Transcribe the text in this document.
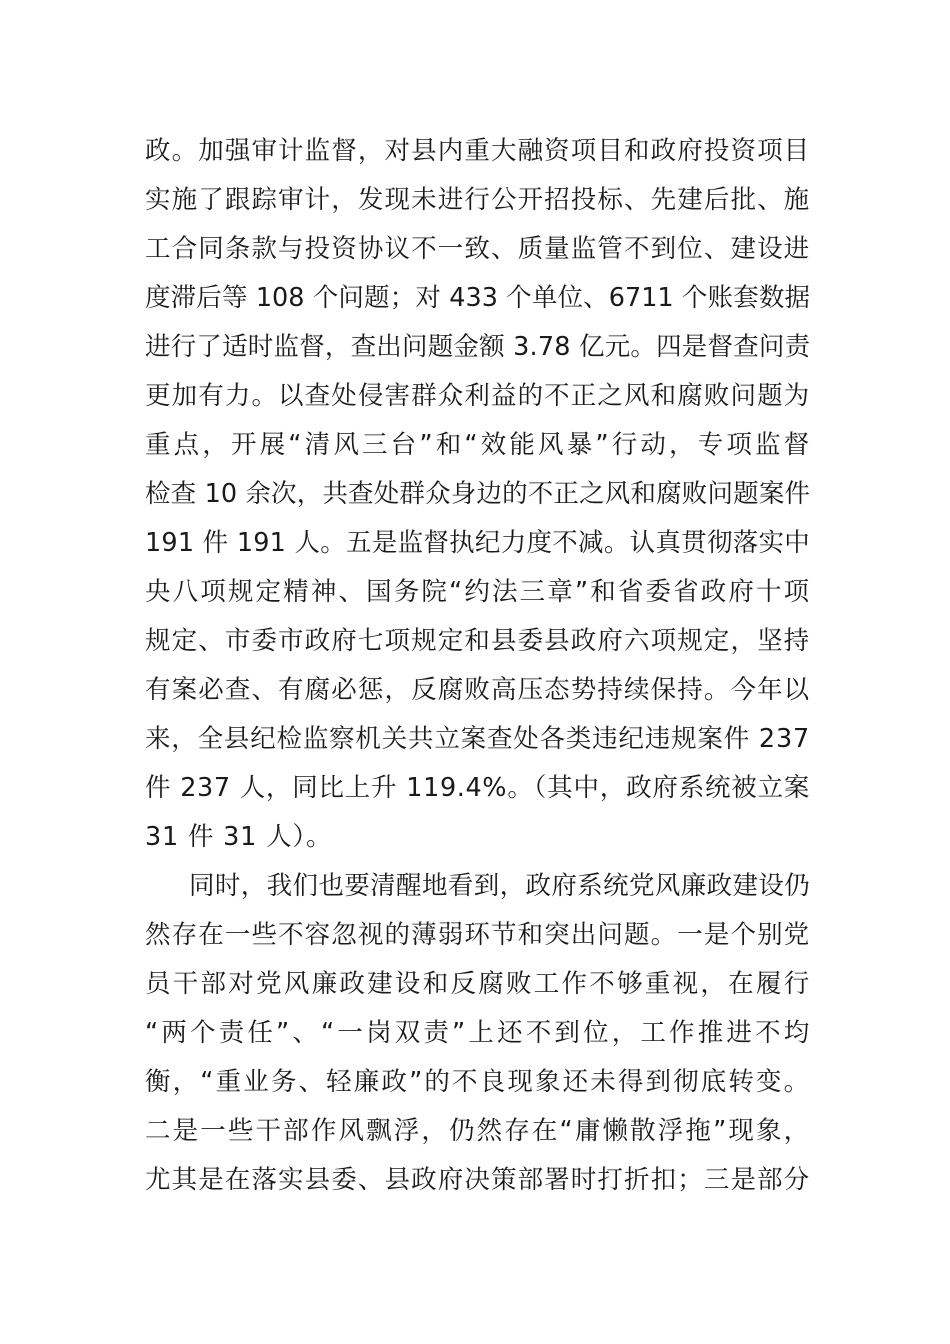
政。加强审计监督，对县内重大融资项目和政府投资项目
实施了跟踪审计，发现未进行公开招投标、先建后批、施
工合同条款与投资协议不一致、质量监管不到位、建设进
度滞后等 108 个问题；对 433 个单位、6711 个账套数据
进行了适时监督，查出问题金额 3.78 亿元。四是督查问责
更加有力。以查处侵害群众利益的不正之风和腐败问题为
重点，开展“清风三台”和“效能风暴”行动，专项监督
检查 10 余次，共查处群众身边的不正之风和腐败问题案件
191 件 191 人。五是监督执纪力度不减。认真贯彻落实中
央八项规定精神、国务院“约法三章”和省委省政府十项
规定、市委市政府七项规定和县委县政府六项规定，坚持
有案必查、有腐必惩，反腐败高压态势持续保持。今年以
来，全县纪检监察机关共立案查处各类违纪违规案件 237
件 237 人，同比上升 119.4%。（其中，政府系统被立案
31 件 31 人）。
同时，我们也要清醒地看到，政府系统党风廉政建设仍
然存在一些不容忽视的薄弱环节和突出问题。一是个别党
员干部对党风廉政建设和反腐败工作不够重视，在履行
“两个责任”、“一岗双责”上还不到位，工作推进不均
衡，“重业务、轻廉政”的不良现象还未得到彻底转变。
二是一些干部作风飘浮，仍然存在“庸懒散浮拖”现象，
尤其是在落实县委、县政府决策部署时打折扣；三是部分
